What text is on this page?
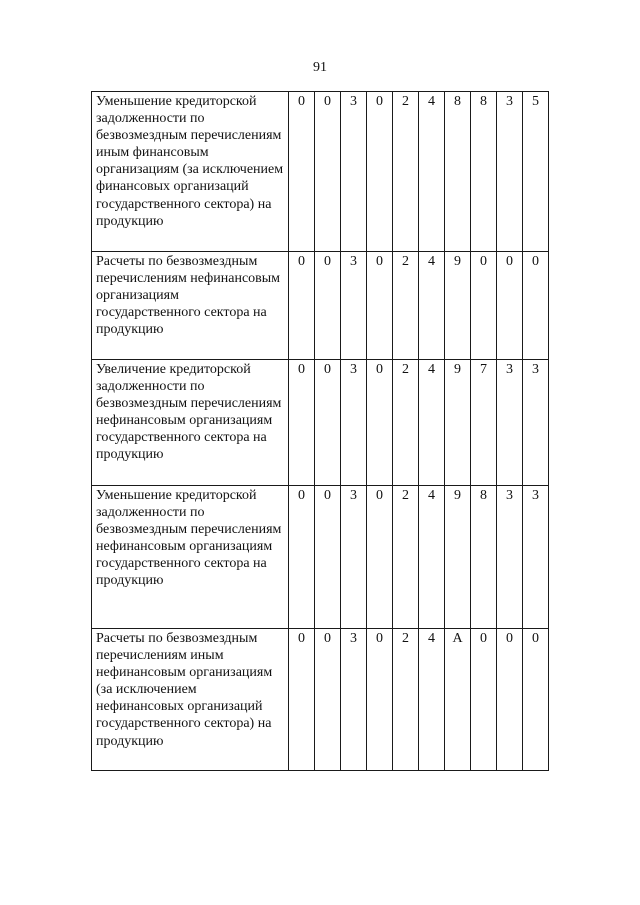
91
Уменьшение кредиторской задолженности по безвозмездным перечислениям иным финансовым организациям (за исключением финансовых организаций государственного сектора) на продукцию	0	0	3	0	2	4	8	8	3	5
Расчеты по безвозмездным перечислениям нефинансовым организациям государственного сектора на продукцию	0	0	3	0	2	4	9	0	0	0
Увеличение кредиторской задолженности по безвозмездным перечислениям нефинансовым организациям государственного сектора на продукцию	0	0	3	0	2	4	9	7	3	3
Уменьшение кредиторской задолженности по безвозмездным перечислениям нефинансовым организациям государственного сектора на продукцию	0	0	3	0	2	4	9	8	3	3
Расчеты по безвозмездным перечислениям иным нефинансовым организациям (за исключением нефинансовых организаций государственного сектора) на продукцию	0	0	3	0	2	4	A	0	0	0
